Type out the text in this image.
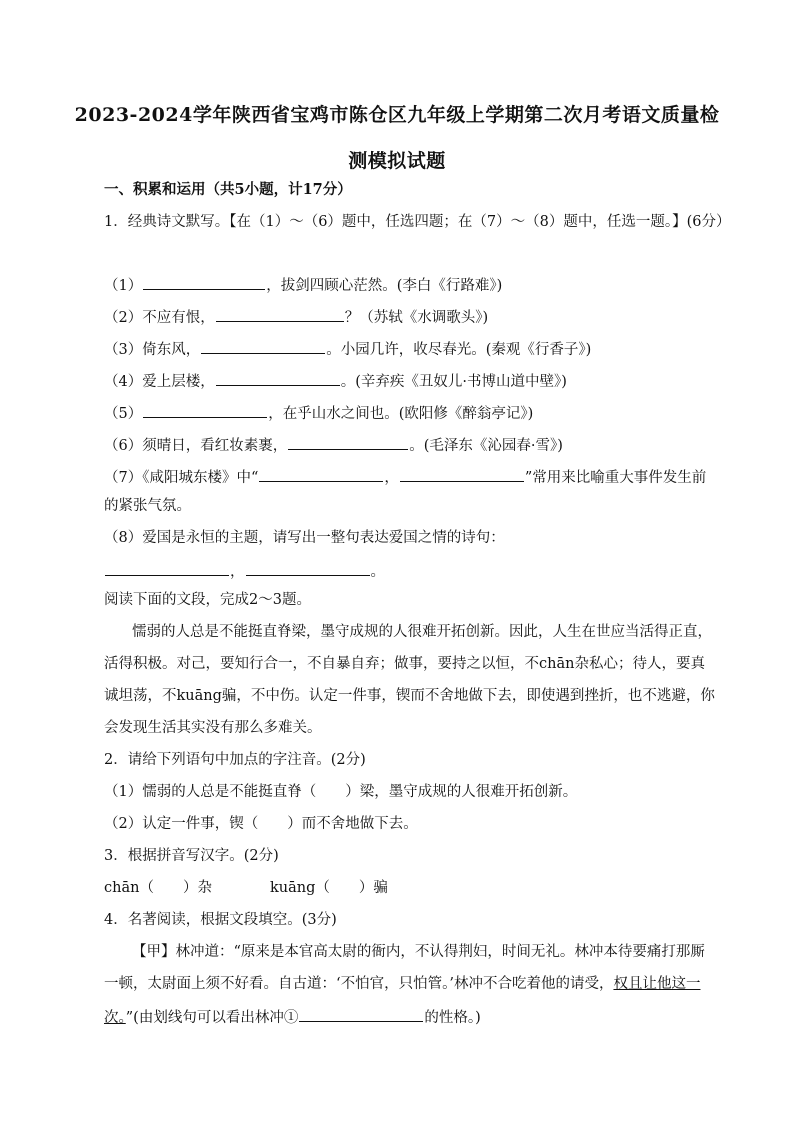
2023-2024学年陕西省宝鸡市陈仓区九年级上学期第二次月考语文质量检
测模拟试题
一、积累和运用（共5小题，计17分）
1．经典诗文默写。【在（1）～（6）题中，任选四题；在（7）～（8）题中，任选一题。】(6分）
（1）	，拔剑四顾心茫然。(李白《行路难》)
（2）不应有恨，	？（苏轼《水调歌头》)
（3）倚东风，	。小园几许，收尽春光。(秦观《行香子》)
（4）爱上层楼，	。(辛弃疾《丑奴儿·书博山道中壁》)
（5）	，在乎山水之间也。(欧阳修《醉翁亭记》)
（6）须晴日，看红妆素裹，	。(毛泽东《沁园春·雪》)
（7）《咸阳城东楼》中“	，	”常用来比喻重大事件发生前
的紧张气氛。
（8）爱国是永恒的主题，请写出一整句表达爱国之情的诗句：
，	。
阅读下面的文段，完成2～3题。
懦弱的人总是不能挺直脊梁，墨守成规的人很难开拓创新。因此，人生在世应当活得正直，
活得积极。对己，要知行合一，不自暴自弃；做事，要持之以恒，不chān杂私心；待人，要真
诚坦荡，不kuāng骗，不中伤。认定一件事，锲而不舍地做下去，即使遇到挫折，也不逃避，你
会发现生活其实没有那么多难关。
2．请给下列语句中加点的字注音。(2分)
（1）懦弱的人总是不能挺直脊（　　）梁，墨守成规的人很难开拓创新。
（2）认定一件事，锲（　　）而不舍地做下去。
3．根据拼音写汉字。(2分)
chān（　　）杂	kuāng（　　）骗
4．名著阅读，根据文段填空。(3分)
【甲】林冲道：“原来是本官高太尉的衙内，不认得荆妇，时间无礼。林冲本待要痛打那厮
一顿，太尉面上须不好看。自古道：‘不怕官，只怕管。’林冲不合吃着他的请受，权且让他这一
次。”(由划线句可以看出林冲①	的性格。)
